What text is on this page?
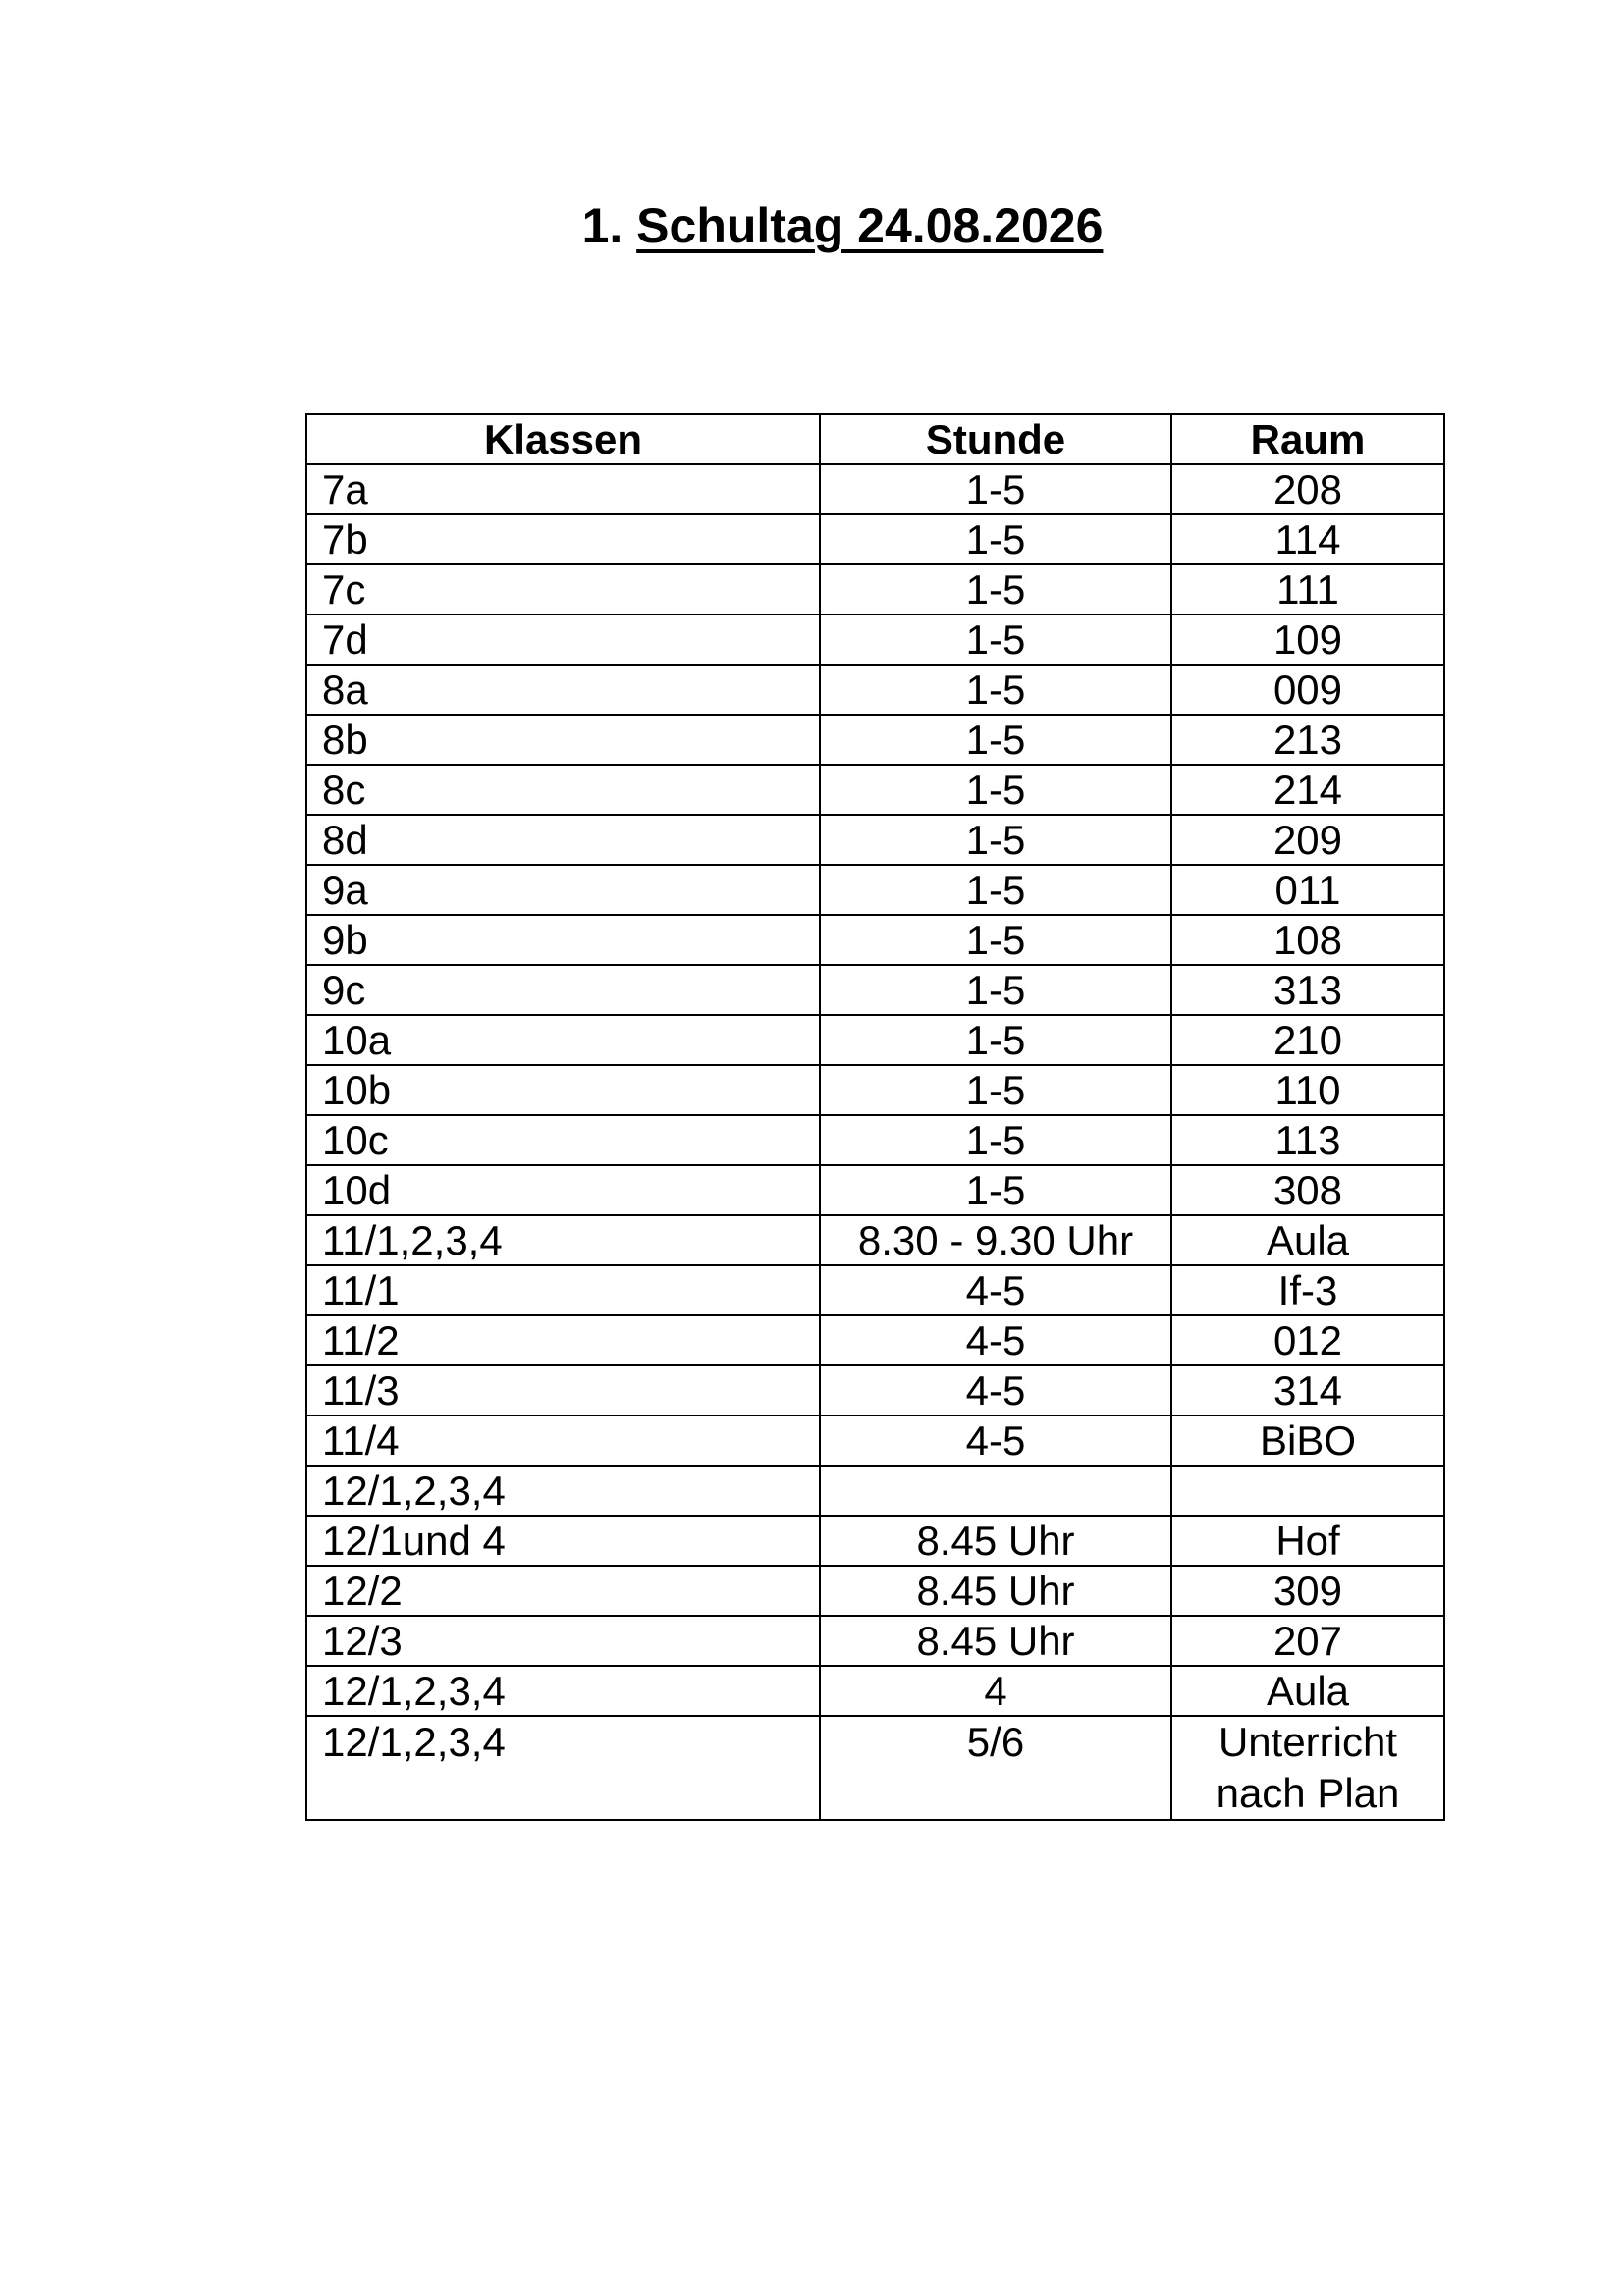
1. Schultag 24.08.2026
Klassen	Stunde	Raum
7a	1-5	208
7b	1-5	114
7c	1-5	111
7d	1-5	109
8a	1-5	009
8b	1-5	213
8c	1-5	214
8d	1-5	209
9a	1-5	011
9b	1-5	108
9c	1-5	313
10a	1-5	210
10b	1-5	110
10c	1-5	113
10d	1-5	308
11/1,2,3,4	8.30 - 9.30 Uhr	Aula
11/1	4-5	If-3
11/2	4-5	012
11/3	4-5	314
11/4	4-5	BiBO
12/1,2,3,4		
12/1und 4	8.45 Uhr	Hof
12/2	8.45 Uhr	309
12/3	8.45 Uhr	207
12/1,2,3,4	4	Aula
12/1,2,3,4	5/6	Unterricht nach Plan
